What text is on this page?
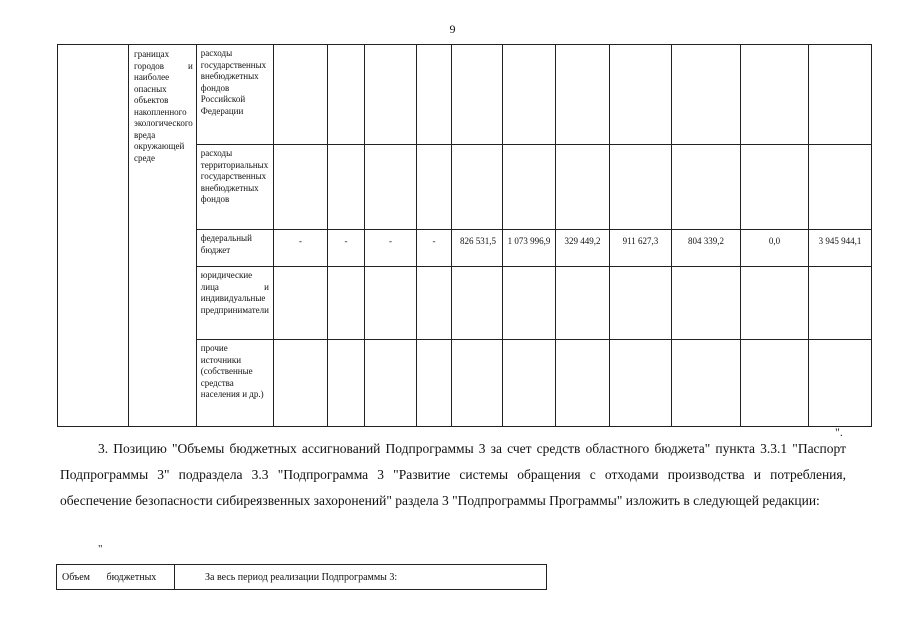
9
	границах городов и наиболее опасных объектов накопленного экологического вреда окружающей среде	расходы государственных внебюджетных фондов Российской Федерации											
		расходы территориальных государственных внебюджетных фондов											
		федеральный бюджет	-	-	-	-	826 531,5	1 073 996,9	329 449,2	911 627,3	804 339,2	0,0	3 945 944,1
		юридические лица и индивидуальные предприниматели											
		прочие источники (собственные средства населения и др.)											
".

3. Позицию "Объемы бюджетных ассигнований Подпрограммы 3 за счет средств областного бюджета" пункта 3.3.1 "Паспорт Подпрограммы 3" подраздела 3.3 "Подпрограмма 3 "Развитие системы обращения с отходами производства и потребления, обеспечение безопасности сибиреязвенных захоронений" раздела 3 "Подпрограммы Программы" изложить в следующей редакции:

"
Объем бюджетных	За весь период реализации Подпрограммы 3:
